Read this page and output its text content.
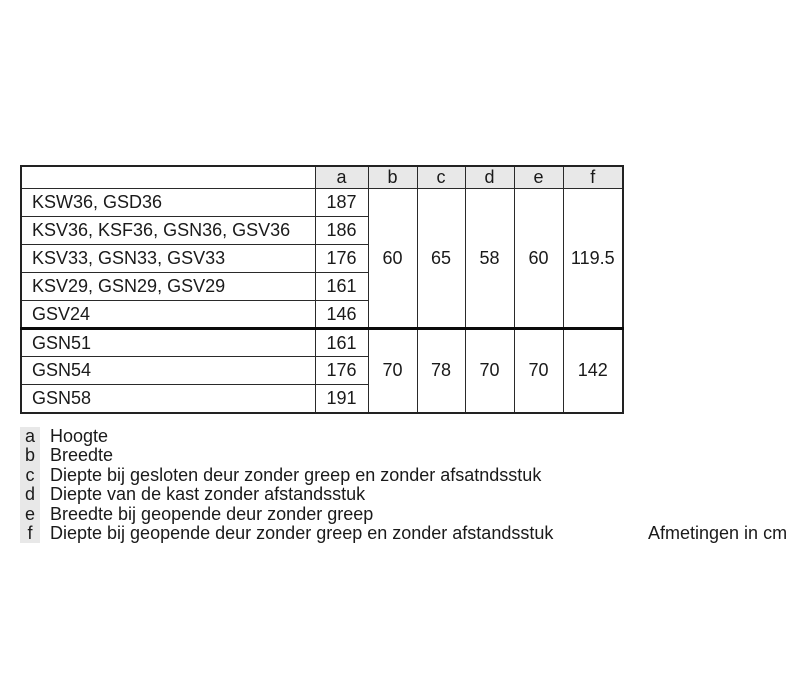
	a	b	c	d	e	f
KSW36, GSD36	187	60	65	58	60	119.5
KSV36, KSF36, GSN36, GSV36	186					
KSV33, GSN33, GSV33	176					
KSV29, GSN29, GSV29	161					
GSV24	146					
GSN51	161	70	78	70	70	142
GSN54	176					
GSN58	191					
a Hoogte
b Breedte
c Diepte bij gesloten deur zonder greep en zonder afsatndsstuk
d Diepte van de kast zonder afstandsstuk
e Breedte bij geopende deur zonder greep
f Diepte bij geopende deur zonder greep en zonder afstandsstuk	Afmetingen in cm
